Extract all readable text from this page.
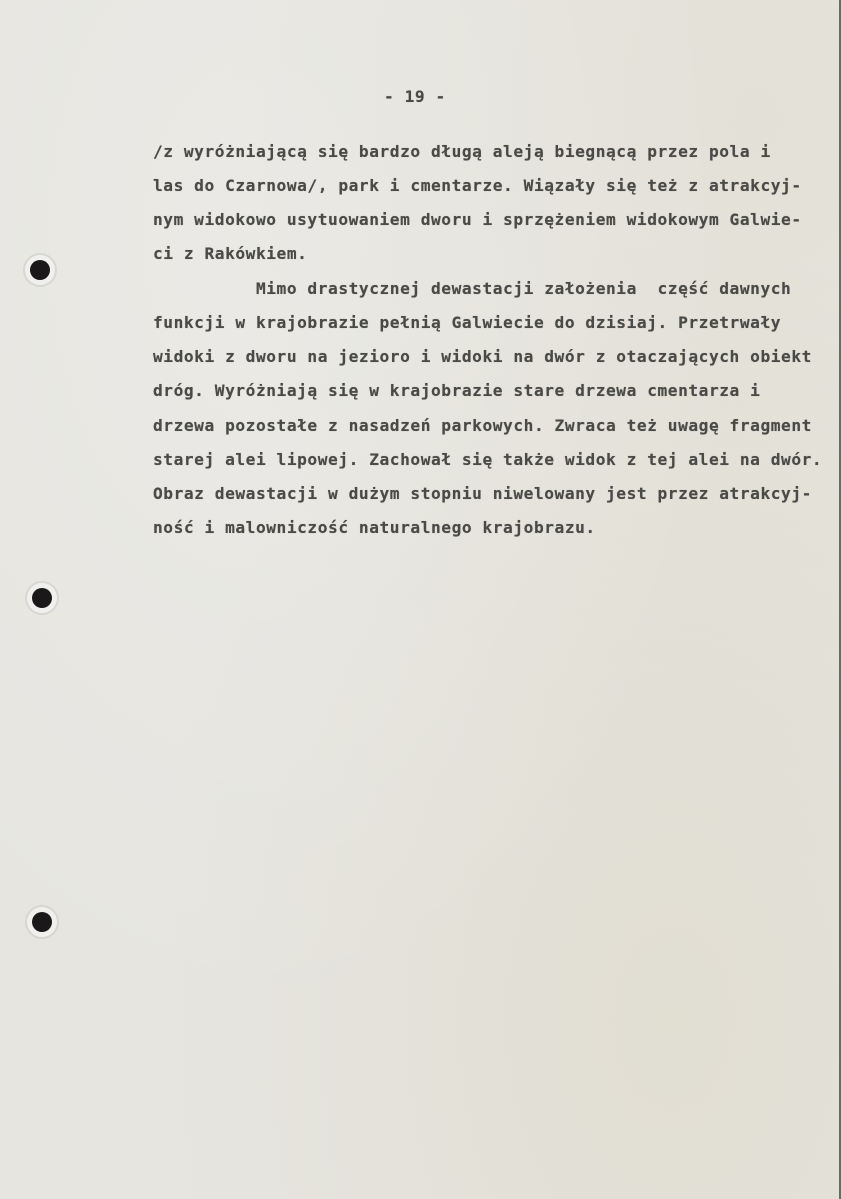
- 19 -
/z wyróżniającą się bardzo długą aleją biegnącą przez pola i
las do Czarnowa/, park i cmentarze. Wiązały się też z atrakcyj-
nym widokowo usytuowaniem dworu i sprzężeniem widokowym Galwie-
ci z Rakówkiem.
Mimo drastycznej dewastacji założenia  część dawnych
funkcji w krajobrazie pełnią Galwiecie do dzisiaj. Przetrwały
widoki z dworu na jezioro i widoki na dwór z otaczających obiekt
dróg. Wyróżniają się w krajobrazie stare drzewa cmentarza i
drzewa pozostałe z nasadzeń parkowych. Zwraca też uwagę fragment
starej alei lipowej. Zachował się także widok z tej alei na dwór.
Obraz dewastacji w dużym stopniu niwelowany jest przez atrakcyj-
ność i malowniczość naturalnego krajobrazu.
